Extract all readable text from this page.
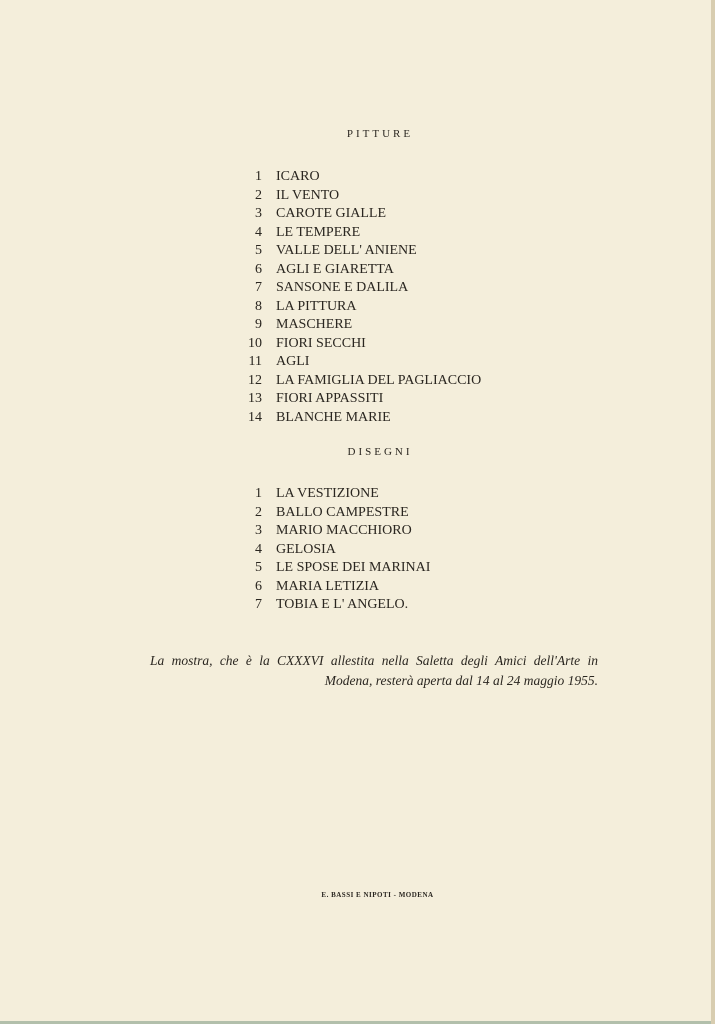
PITTURE
1 ICARO
2 IL VENTO
3 CAROTE GIALLE
4 LE TEMPERE
5 VALLE DELL' ANIENE
6 AGLI E GIARETTA
7 SANSONE E DALILA
8 LA PITTURA
9 MASCHERE
10 FIORI SECCHI
11 AGLI
12 LA FAMIGLIA DEL PAGLIACCIO
13 FIORI APPASSITI
14 BLANCHE MARIE
DISEGNI
1 LA VESTIZIONE
2 BALLO CAMPESTRE
3 MARIO MACCHIORO
4 GELOSIA
5 LE SPOSE DEI MARINAI
6 MARIA LETIZIA
7 TOBIA E L' ANGELO.

La mostra, che è la CXXXVI allestita nella Saletta degli Amici dell'Arte in Modena, resterà aperta dal 14 al 24 maggio 1955.

E. BASSI E NIPOTI - MODENA
